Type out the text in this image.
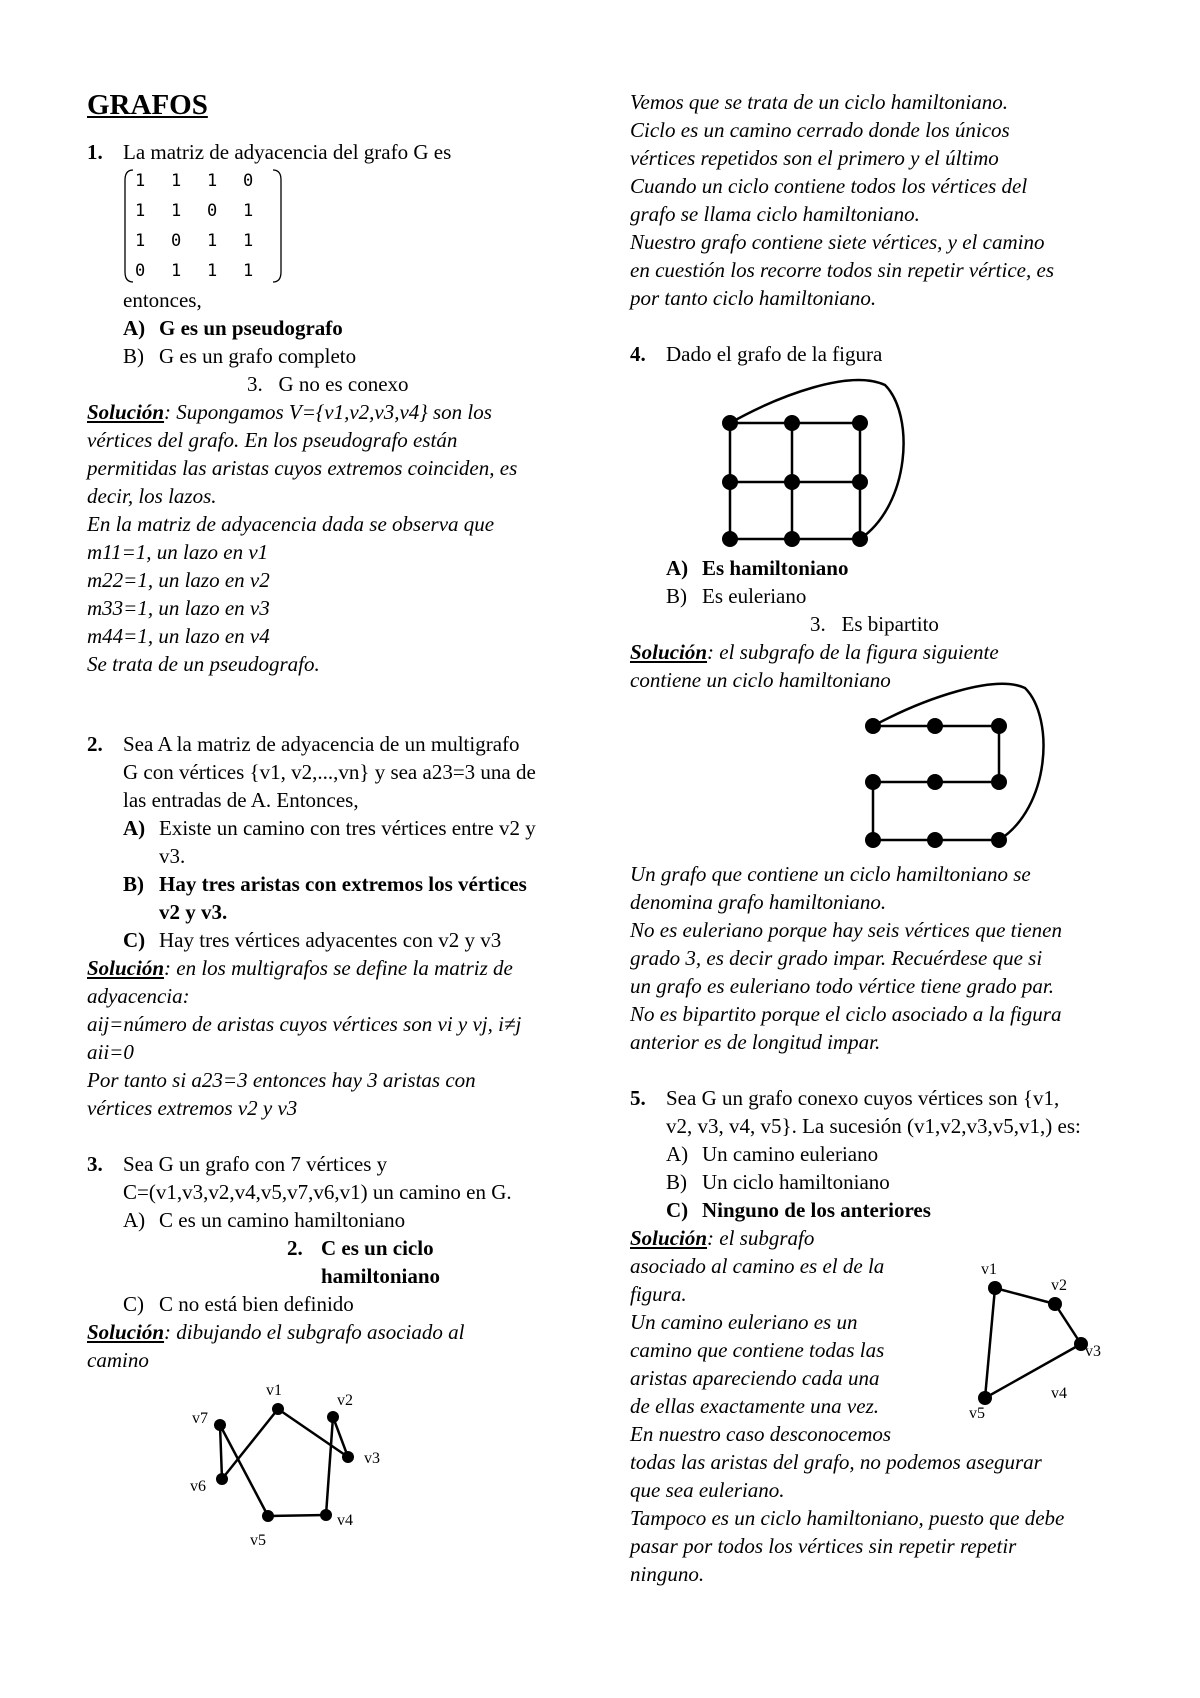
GRAFOS
1. La matriz de adyacencia del grafo G es
1	1	1	0
1	1	0	1
1	0	1	1
0	1	1	1
entonces,
A) G es un pseudografo
B) G es un grafo completo
3. G no es conexo
Solución: Supongamos V={v1,v2,v3,v4} son los
vértices del grafo. En los pseudografo están
permitidas las aristas cuyos extremos coinciden, es
decir, los lazos.
En la matriz de adyacencia dada se observa que
m11=1, un lazo en v1
m22=1, un lazo en v2
m33=1, un lazo en v3
m44=1, un lazo en v4
Se trata de un pseudografo.
2. Sea A la matriz de adyacencia de un multigrafo
G con vértices {v1, v2,...,vn} y sea a23=3 una de
las entradas de A. Entonces,
A) Existe un camino con tres vértices entre v2 y
v3.
B) Hay tres aristas con extremos los vértices
v2 y v3.
C) Hay tres vértices adyacentes con v2 y v3
Solución: en los multigrafos se define la matriz de
adyacencia:
aij=número de aristas cuyos vértices son vi y vj, i≠j
aii=0
Por tanto si a23=3 entonces hay 3 aristas con
vértices extremos v2 y v3
3. Sea G un grafo con 7 vértices y
C=(v1,v3,v2,v4,v5,v7,v6,v1) un camino en G.
A) C es un camino hamiltoniano
2. C es un ciclo
hamiltoniano
C) C no está bien definido
Solución: dibujando el subgrafo asociado al
camino
v1
v2
v3
v4
v5
v6
v7
Vemos que se trata de un ciclo hamiltoniano.
Ciclo es un camino cerrado donde los únicos
vértices repetidos son el primero y el último
Cuando un ciclo contiene todos los vértices del
grafo se llama ciclo hamiltoniano.
Nuestro grafo contiene siete vértices, y el camino
en cuestión los recorre todos sin repetir vértice, es
por tanto ciclo hamiltoniano.
4. Dado el grafo de la figura
A) Es hamiltoniano
B) Es euleriano
3. Es bipartito
Solución: el subgrafo de la figura siguiente
contiene un ciclo hamiltoniano
Un grafo que contiene un ciclo hamiltoniano se
denomina grafo hamiltoniano.
No es euleriano porque hay seis vértices que tienen
grado 3, es decir grado impar. Recuérdese que si
un grafo es euleriano todo vértice tiene grado par.
No es bipartito porque el ciclo asociado a la figura
anterior es de longitud impar.
5. Sea G un grafo conexo cuyos vértices son {v1,
v2, v3, v4, v5}. La sucesión (v1,v2,v3,v5,v1,) es:
A) Un camino euleriano
B) Un ciclo hamiltoniano
C) Ninguno de los anteriores
Solución: el subgrafo
asociado al camino es el de la
figura.
Un camino euleriano es un
camino que contiene todas las
aristas apareciendo cada una
de ellas exactamente una vez.
En nuestro caso desconocemos
todas las aristas del grafo, no podemos asegurar
que sea euleriano.
Tampoco es un ciclo hamiltoniano, puesto que debe
pasar por todos los vértices sin repetir repetir
ninguno.
v1
v2
v3
v4
v5
